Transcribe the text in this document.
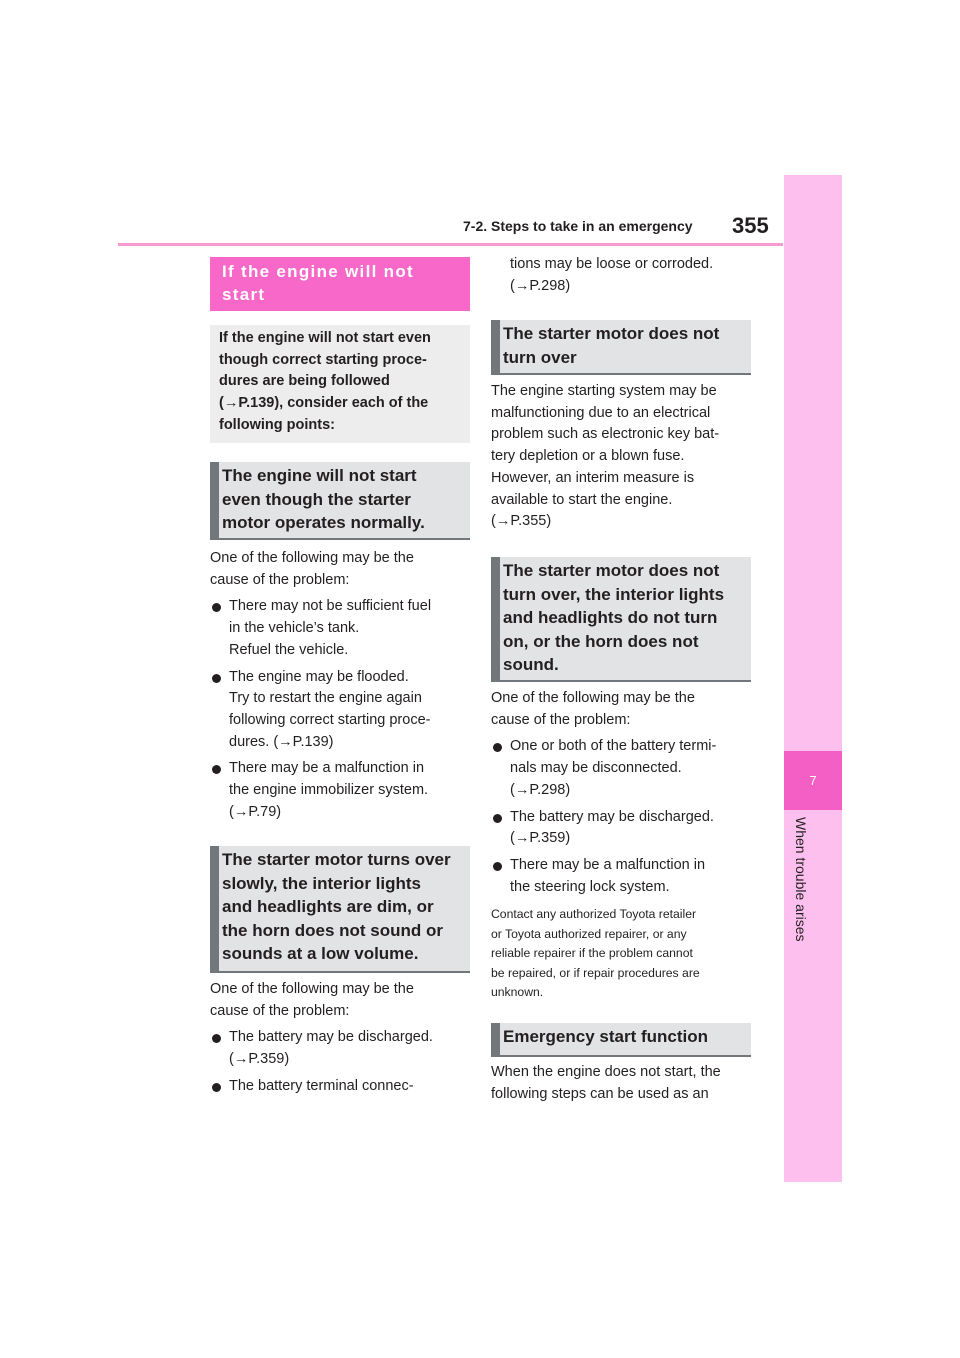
7-2. Steps to take in an emergency 355
7
When trouble arises
If the engine will not start
If the engine will not start even
though correct starting proce-
dures are being followed
(→P.139), consider each of the
following points:
The engine will not start
even though the starter
motor operates normally.
One of the following may be the
cause of the problem:
There may not be sufficient fuel
in the vehicle’s tank.
Refuel the vehicle.
The engine may be flooded.
Try to restart the engine again
following correct starting proce-
dures. (→P.139)
There may be a malfunction in
the engine immobilizer system.
(→P.79)
The starter motor turns over
slowly, the interior lights
and headlights are dim, or
the horn does not sound or
sounds at a low volume.
One of the following may be the
cause of the problem:
The battery may be discharged.
(→P.359)
The battery terminal connec-
tions may be loose or corroded.
(→P.298)
The starter motor does not
turn over
The engine starting system may be
malfunctioning due to an electrical
problem such as electronic key bat-
tery depletion or a blown fuse.
However, an interim measure is
available to start the engine.
(→P.355)
The starter motor does not
turn over, the interior lights
and headlights do not turn
on, or the horn does not
sound.
One of the following may be the
cause of the problem:
One or both of the battery termi-
nals may be disconnected.
(→P.298)
The battery may be discharged.
(→P.359)
There may be a malfunction in
the steering lock system.
Contact any authorized Toyota retailer
or Toyota authorized repairer, or any
reliable repairer if the problem cannot
be repaired, or if repair procedures are
unknown.
Emergency start function
When the engine does not start, the
following steps can be used as an
